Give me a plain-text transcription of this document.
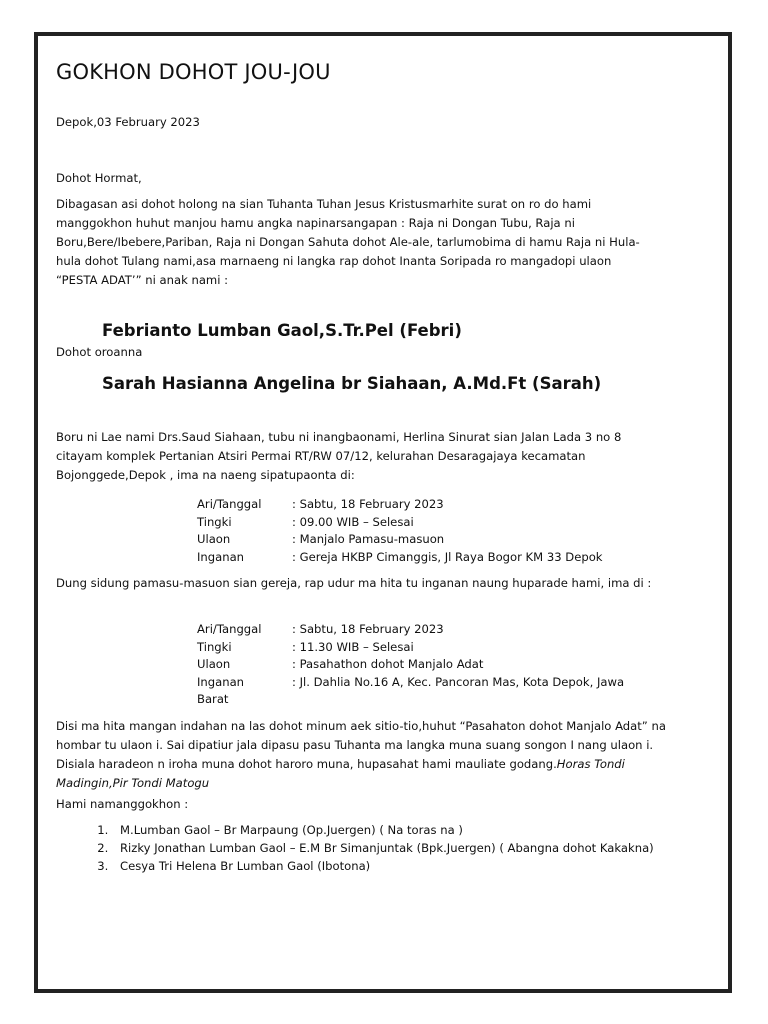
GOKHON DOHOT JOU-JOU
Depok,03 February 2023
Dohot Hormat,
Dibagasan asi dohot holong na sian Tuhanta Tuhan Jesus Kristusmarhite surat on ro do hami manggokhon huhut manjou hamu angka napinarsangapan : Raja ni Dongan Tubu, Raja ni Boru,Bere/Ibebere,Pariban, Raja ni Dongan Sahuta dohot Ale-ale, tarlumobima di hamu Raja ni Hula-hula dohot Tulang nami,asa marnaeng ni langka rap dohot Inanta Soripada ro mangadopi ulaon “PESTA ADAT’” ni anak nami :
Febrianto Lumban Gaol,S.Tr.Pel (Febri)
Dohot oroanna
Sarah Hasianna Angelina br Siahaan, A.Md.Ft (Sarah)
Boru ni Lae nami Drs.Saud Siahaan, tubu ni inangbaonami, Herlina Sinurat sian Jalan Lada 3 no 8 citayam komplek Pertanian Atsiri Permai RT/RW 07/12, kelurahan Desaragajaya kecamatan Bojonggede,Depok , ima na naeng sipatupaonta di:
Ari/Tanggal	: Sabtu, 18 February 2023
Tingki	: 09.00 WIB – Selesai
Ulaon	: Manjalo Pamasu-masuon
Inganan	: Gereja HKBP Cimanggis, Jl Raya Bogor KM 33 Depok
Dung sidung pamasu-masuon sian gereja, rap udur ma hita tu inganan naung huparade hami, ima di :
Ari/Tanggal	: Sabtu, 18 February 2023
Tingki	: 11.30 WIB – Selesai
Ulaon	: Pasahathon dohot Manjalo Adat
Inganan	: Jl. Dahlia No.16 A, Kec. Pancoran Mas, Kota Depok, Jawa
Barat	
Disi ma hita mangan indahan na las dohot minum aek sitio-tio,huhut “Pasahaton dohot Manjalo Adat” na hombar tu ulaon i. Sai dipatiur jala dipasu pasu Tuhanta ma langka muna suang songon I nang ulaon i. Disiala haradeon n iroha muna dohot haroro muna, hupasahat hami mauliate godang.Horas Tondi Madingin,Pir Tondi Matogu
Hami namanggokhon :
1. M.Lumban Gaol – Br Marpaung (Op.Juergen) ( Na toras na )
2. Rizky Jonathan Lumban Gaol – E.M Br Simanjuntak (Bpk.Juergen) ( Abangna dohot Kakakna)
3. Cesya Tri Helena Br Lumban Gaol (Ibotona)
